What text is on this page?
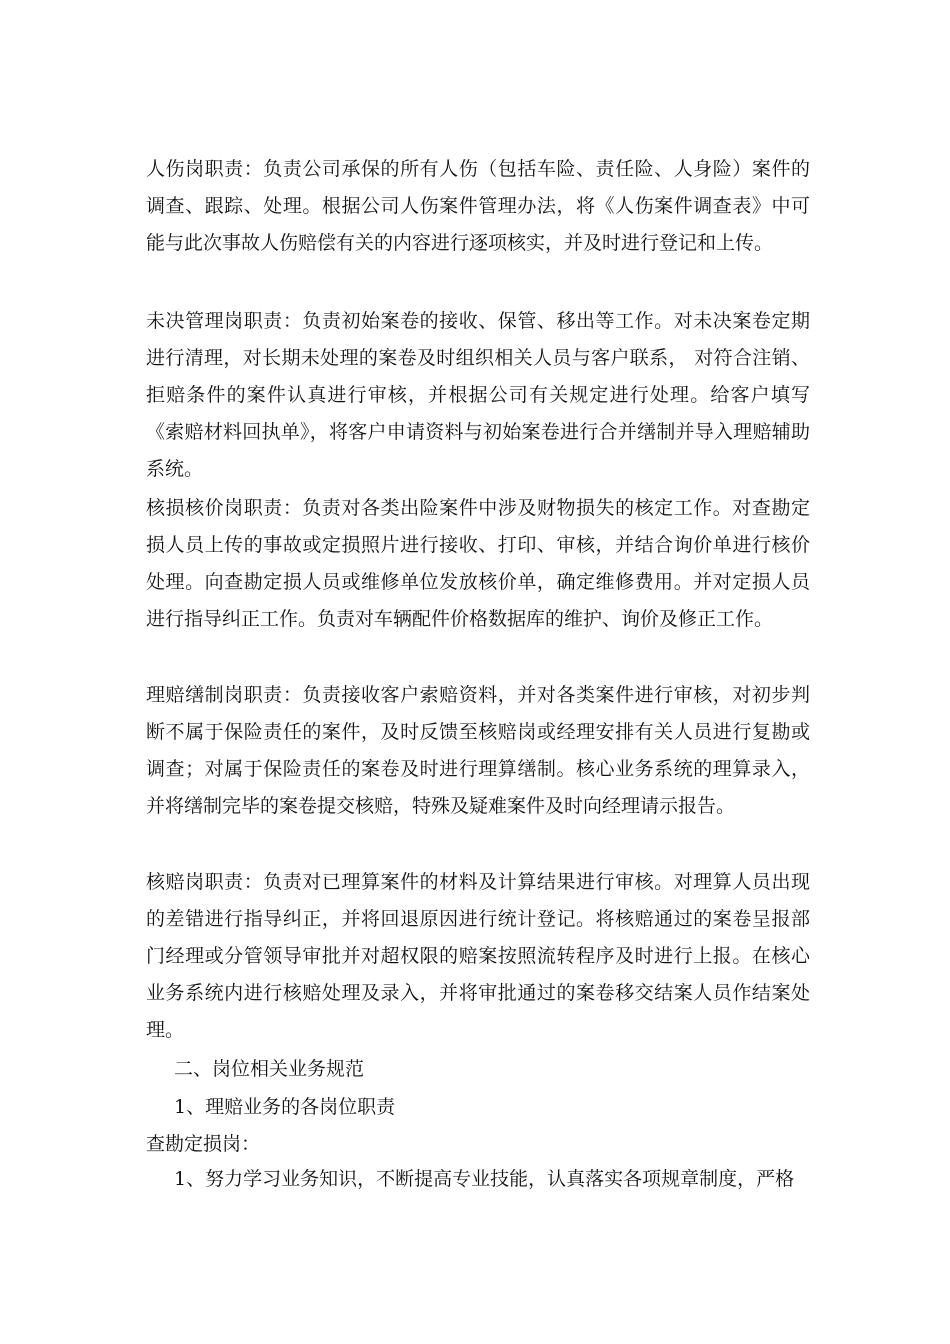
人伤岗职责：负责公司承保的所有人伤（包括车险、责任险、人身险）案件的调查、跟踪、处理。根据公司人伤案件管理办法，将《人伤案件调查表》中可能与此次事故人伤赔偿有关的内容进行逐项核实，并及时进行登记和上传。

未决管理岗职责：负责初始案卷的接收、保管、移出等工作。对未决案卷定期进行清理，对长期未处理的案卷及时组织相关人员与客户联系， 对符合注销、拒赔条件的案件认真进行审核，并根据公司有关规定进行处理。给客户填写《索赔材料回执单》，将客户申请资料与初始案卷进行合并缮制并导入理赔辅助系统。

核损核价岗职责：负责对各类出险案件中涉及财物损失的核定工作。对查勘定损人员上传的事故或定损照片进行接收、打印、审核，并结合询价单进行核价处理。向查勘定损人员或维修单位发放核价单，确定维修费用。并对定损人员进行指导纠正工作。负责对车辆配件价格数据库的维护、询价及修正工作。

理赔缮制岗职责：负责接收客户索赔资料，并对各类案件进行审核，对初步判断不属于保险责任的案件，及时反馈至核赔岗或经理安排有关人员进行复勘或调查；对属于保险责任的案卷及时进行理算缮制。核心业务系统的理算录入，并将缮制完毕的案卷提交核赔，特殊及疑难案件及时向经理请示报告。

核赔岗职责：负责对已理算案件的材料及计算结果进行审核。对理算人员出现的差错进行指导纠正，并将回退原因进行统计登记。将核赔通过的案卷呈报部门经理或分管领导审批并对超权限的赔案按照流转程序及时进行上报。在核心业务系统内进行核赔处理及录入，并将审批通过的案卷移交结案人员作结案处理。

二、岗位相关业务规范

1、理赔业务的各岗位职责

查勘定损岗：

1、努力学习业务知识，不断提高专业技能，认真落实各项规章制度，严格
